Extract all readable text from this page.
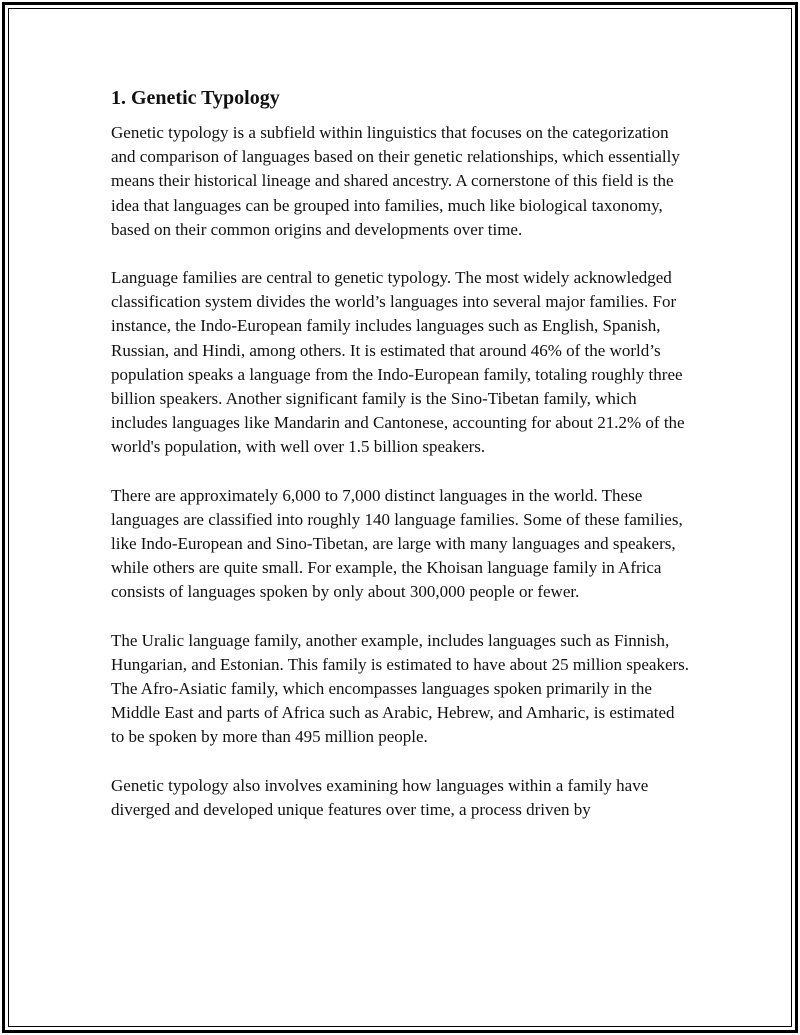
1. Genetic Typology

Genetic typology is a subfield within linguistics that focuses on the categorization and comparison of languages based on their genetic relationships, which essentially means their historical lineage and shared ancestry. A cornerstone of this field is the idea that languages can be grouped into families, much like biological taxonomy, based on their common origins and developments over time.

Language families are central to genetic typology. The most widely acknowledged classification system divides the world’s languages into several major families. For instance, the Indo-European family includes languages such as English, Spanish, Russian, and Hindi, among others. It is estimated that around 46% of the world’s population speaks a language from the Indo-European family, totaling roughly three billion speakers. Another significant family is the Sino-Tibetan family, which includes languages like Mandarin and Cantonese, accounting for about 21.2% of the world's population, with well over 1.5 billion speakers.

There are approximately 6,000 to 7,000 distinct languages in the world. These languages are classified into roughly 140 language families. Some of these families, like Indo-European and Sino-Tibetan, are large with many languages and speakers, while others are quite small. For example, the Khoisan language family in Africa consists of languages spoken by only about 300,000 people or fewer.

The Uralic language family, another example, includes languages such as Finnish, Hungarian, and Estonian. This family is estimated to have about 25 million speakers. The Afro-Asiatic family, which encompasses languages spoken primarily in the Middle East and parts of Africa such as Arabic, Hebrew, and Amharic, is estimated to be spoken by more than 495 million people.

Genetic typology also involves examining how languages within a family have diverged and developed unique features over time, a process driven by
